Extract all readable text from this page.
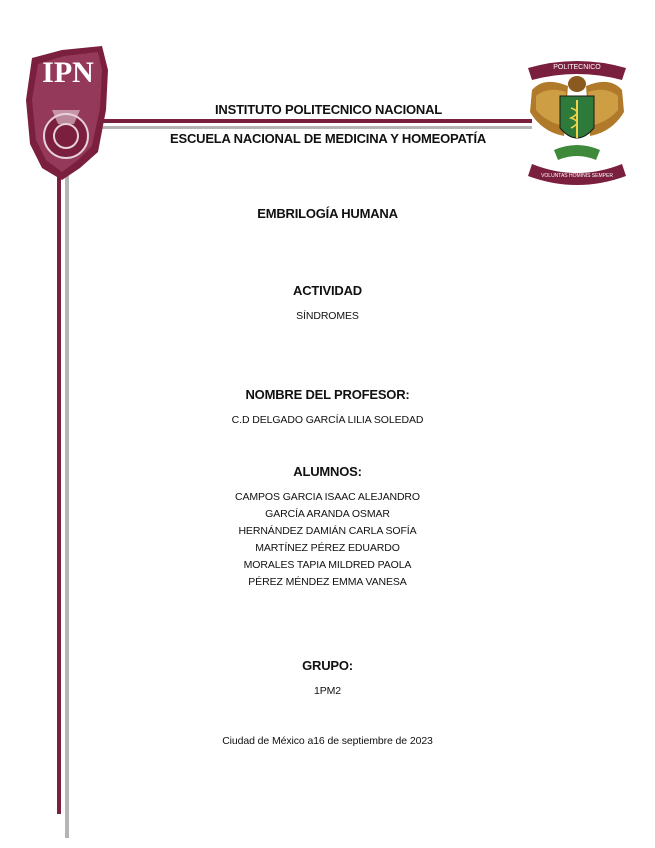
IPN	POLITECNICO
VOLUNTAS HOMINIS SEMPER
INSTITUTO POLITECNICO NACIONAL
ESCUELA NACIONAL DE MEDICINA Y HOMEOPATÍA
EMBRILOGÍA HUMANA
ACTIVIDAD
SÍNDROMES
NOMBRE DEL PROFESOR:
C.D DELGADO GARCÍA LILIA SOLEDAD
ALUMNOS:
CAMPOS GARCIA ISAAC ALEJANDRO
GARCÍA ARANDA OSMAR
HERNÁNDEZ DAMIÁN CARLA SOFÍA
MARTÍNEZ PÉREZ EDUARDO
MORALES TAPIA MILDRED PAOLA
PÉREZ MÉNDEZ EMMA VANESA
GRUPO:
1PM2
Ciudad de México a16 de septiembre de 2023
